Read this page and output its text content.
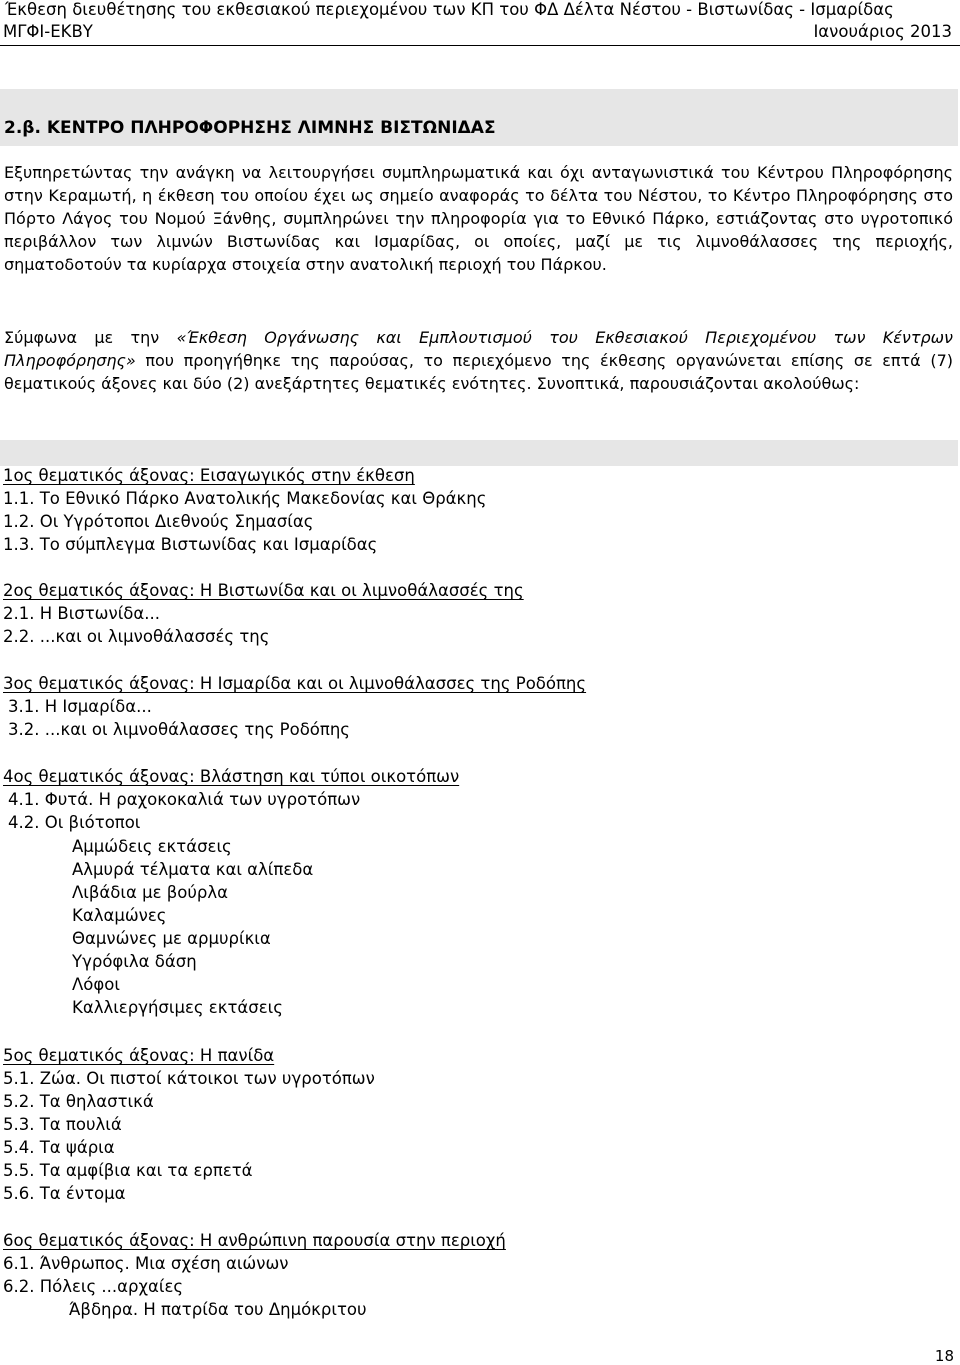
Έκθεση διευθέτησης του εκθεσιακού περιεχομένου των ΚΠ του ΦΔ Δέλτα Νέστου - Βιστωνίδας - Ισμαρίδας
ΜΓΦΙ-ΕΚΒΥ	Ιανουάριος 2013
2.β. ΚΕΝΤΡΟ ΠΛΗΡΟΦΟΡΗΣΗΣ ΛΙΜΝΗΣ ΒΙΣΤΩΝΙΔΑΣ
Εξυπηρετώντας την ανάγκη να λειτουργήσει συμπληρωματικά και όχι ανταγωνιστικά του Κέντρου Πληροφόρησης στην Κεραμωτή, η έκθεση του οποίου έχει ως σημείο αναφοράς το δέλτα του Νέστου, το Κέντρο Πληροφόρησης στο Πόρτο Λάγος του Νομού Ξάνθης, συμπληρώνει την πληροφορία για το Εθνικό Πάρκο, εστιάζοντας στο υγροτοπικό περιβάλλον των λιμνών Βιστωνίδας και Ισμαρίδας, οι οποίες, μαζί με τις λιμνοθάλασσες της περιοχής, σηματοδοτούν τα κυρίαρχα στοιχεία στην ανατολική περιοχή του Πάρκου.
Σύμφωνα με την «Έκθεση Οργάνωσης και Εμπλουτισμού του Εκθεσιακού Περιεχομένου των Κέντρων Πληροφόρησης» που προηγήθηκε της παρούσας, το περιεχόμενο της έκθεσης οργανώνεται επίσης σε επτά (7) θεματικούς άξονες και δύο (2) ανεξάρτητες θεματικές ενότητες. Συνοπτικά, παρουσιάζονται ακολούθως:
1ος θεματικός άξονας: Εισαγωγικός στην έκθεση
1.1. Το Εθνικό Πάρκο Ανατολικής Μακεδονίας και Θράκης
1.2. Οι Υγρότοποι Διεθνούς Σημασίας
1.3. Το σύμπλεγμα Βιστωνίδας και Ισμαρίδας
2ος θεματικός άξονας: Η Βιστωνίδα και οι λιμνοθάλασσές της
2.1. Η Βιστωνίδα...
2.2. ...και οι λιμνοθάλασσές της
3ος θεματικός άξονας: Η Ισμαρίδα και οι λιμνοθάλασσες της Ροδόπης
3.1. Η Ισμαρίδα...
3.2. ...και οι λιμνοθάλασσες της Ροδόπης
4ος θεματικός άξονας: Βλάστηση και τύποι οικοτόπων
4.1. Φυτά. Η ραχοκοκαλιά των υγροτόπων
4.2. Οι βιότοποι
Αμμώδεις εκτάσεις
Αλμυρά τέλματα και αλίπεδα
Λιβάδια με βούρλα
Καλαμώνες
Θαμνώνες με αρμυρίκια
Υγρόφιλα δάση
Λόφοι
Καλλιεργήσιμες εκτάσεις
5ος θεματικός άξονας: Η πανίδα
5.1. Ζώα. Οι πιστοί κάτοικοι των υγροτόπων
5.2. Τα θηλαστικά
5.3. Τα πουλιά
5.4. Τα ψάρια
5.5. Τα αμφίβια και τα ερπετά
5.6. Τα έντομα
6ος θεματικός άξονας: Η ανθρώπινη παρουσία στην περιοχή
6.1. Άνθρωπος. Μια σχέση αιώνων
6.2. Πόλεις ...αρχαίες
Άβδηρα. Η πατρίδα του Δημόκριτου
18
